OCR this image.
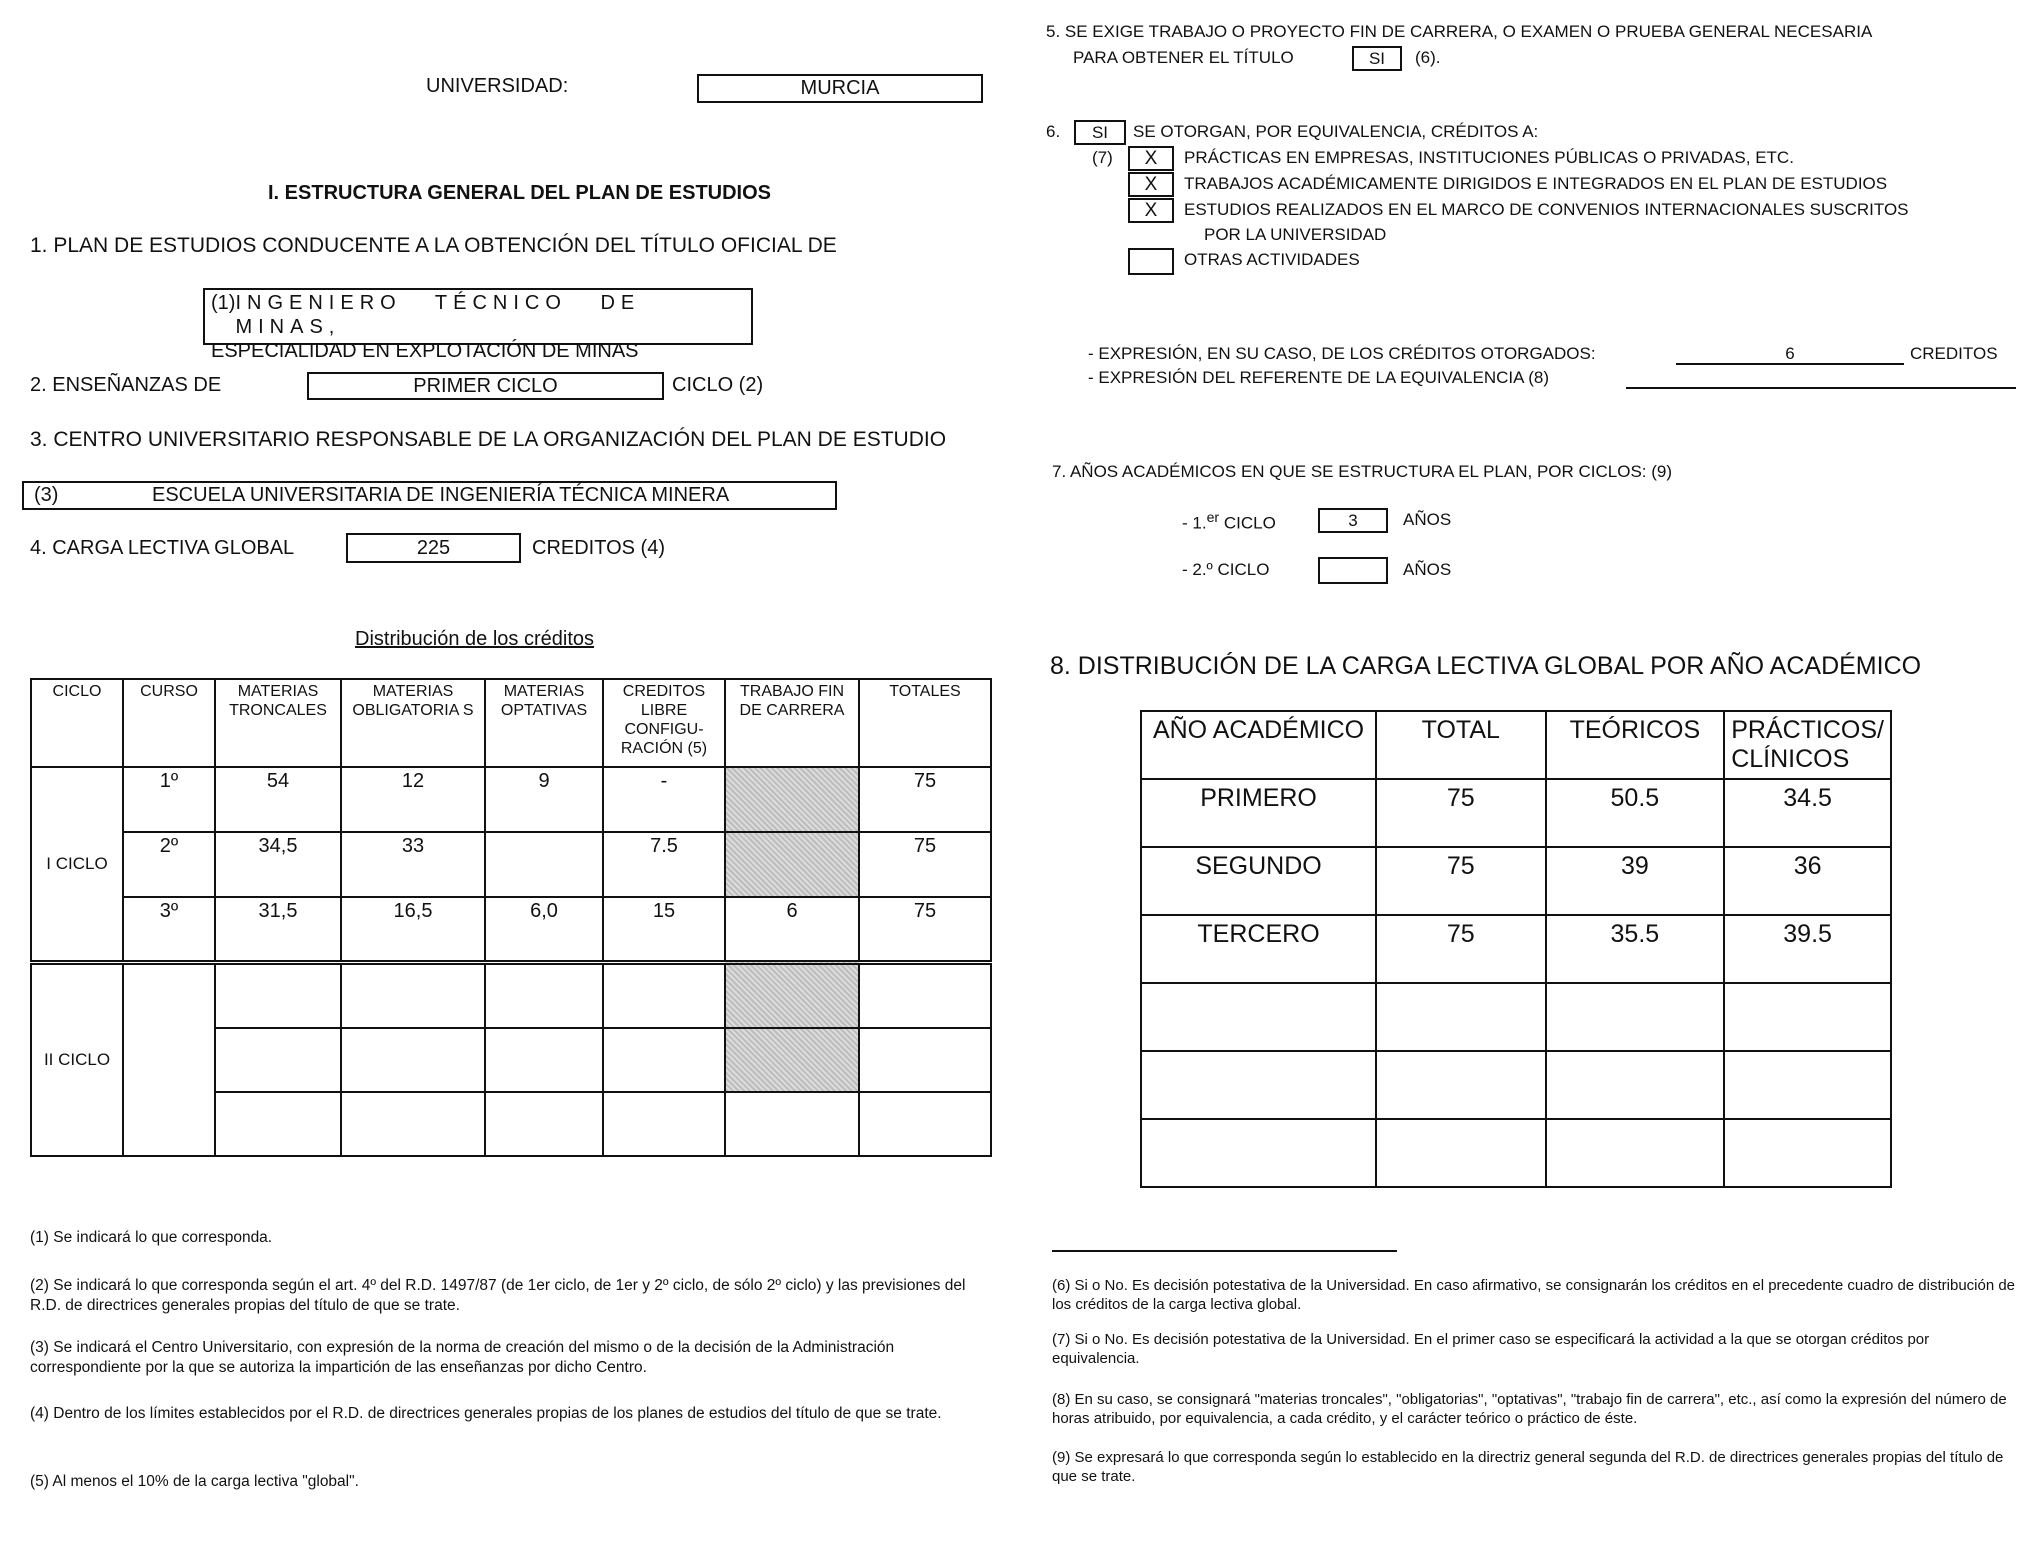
UNIVERSIDAD:	MURCIA
I. ESTRUCTURA GENERAL DEL PLAN DE ESTUDIOS
1. PLAN DE ESTUDIOS CONDUCENTE A LA OBTENCIÓN DEL TÍTULO OFICIAL DE
(1) INGENIERO TÉCNICO DE MINAS,
ESPECIALIDAD EN EXPLOTACIÓN DE MINAS
2. ENSEÑANZAS DE	PRIMER CICLO	CICLO (2)
3. CENTRO UNIVERSITARIO RESPONSABLE DE LA ORGANIZACIÓN DEL PLAN DE ESTUDIO
(3)	ESCUELA UNIVERSITARIA DE INGENIERÍA TÉCNICA MINERA
4. CARGA LECTIVA GLOBAL	225	CREDITOS (4)
Distribución de los créditos
CICLO	CURSO	MATERIAS TRONCALES	MATERIAS OBLIGATORIA S	MATERIAS OPTATIVAS	CREDITOS LIBRE CONFIGU-RACIÓN (5)	TRABAJO FIN DE CARRERA	TOTALES
I CICLO	1º	54	12	9	-		75
	2º	34,5	33		7.5		75
	3º	31,5	16,5	6,0	15	6	75
II CICLO							

(1) Se indicará lo que corresponda.
(2) Se indicará lo que corresponda según el art. 4º del R.D. 1497/87 (de 1er ciclo, de 1er y 2º ciclo, de sólo 2º ciclo) y las previsiones del R.D. de directrices generales propias del título de que se trate.
(3) Se indicará el Centro Universitario, con expresión de la norma de creación del mismo o de la decisión de la Administración correspondiente por la que se autoriza la impartición de las enseñanzas por dicho Centro.
(4) Dentro de los límites establecidos por el R.D. de directrices generales propias de los planes de estudios del título de que se trate.
(5) Al menos el 10% de la carga lectiva "global".
5. SE EXIGE TRABAJO O PROYECTO FIN DE CARRERA, O EXAMEN O PRUEBA GENERAL NECESARIA
PARA OBTENER EL TÍTULO	SI	(6).
6.	SI	SE OTORGAN, POR EQUIVALENCIA, CRÉDITOS A:
(7)	X	PRÁCTICAS EN EMPRESAS, INSTITUCIONES PÚBLICAS O PRIVADAS, ETC.
X	TRABAJOS ACADÉMICAMENTE DIRIGIDOS E INTEGRADOS EN EL PLAN DE ESTUDIOS
X	ESTUDIOS REALIZADOS EN EL MARCO DE CONVENIOS INTERNACIONALES SUSCRITOS
POR LA UNIVERSIDAD
OTRAS ACTIVIDADES
- EXPRESIÓN, EN SU CASO, DE LOS CRÉDITOS OTORGADOS:	6	CREDITOS
- EXPRESIÓN DEL REFERENTE DE LA EQUIVALENCIA (8)
7. AÑOS ACADÉMICOS EN QUE SE ESTRUCTURA EL PLAN, POR CICLOS: (9)
- 1.$^{er}$ CICLO	3	AÑOS
- 2.º CICLO	AÑOS
8. DISTRIBUCIÓN DE LA CARGA LECTIVA GLOBAL POR AÑO ACADÉMICO
AÑO ACADÉMICO	TOTAL	TEÓRICOS	PRÁCTICOS/ CLÍNICOS
PRIMERO	75	50.5	34.5
SEGUNDO	75	39	36
TERCERO	75	35.5	39.5

(6) Si o No. Es decisión potestativa de la Universidad. En caso afirmativo, se consignarán los créditos en el precedente cuadro de distribución de los créditos de la carga lectiva global.
(7) Si o No. Es decisión potestativa de la Universidad. En el primer caso se especificará la actividad a la que se otorgan créditos por equivalencia.
(8) En su caso, se consignará "materias troncales", "obligatorias", "optativas", "trabajo fin de carrera", etc., así como la expresión del número de horas atribuido, por equivalencia, a cada crédito, y el carácter teórico o práctico de éste.
(9) Se expresará lo que corresponda según lo establecido en la directriz general segunda del R.D. de directrices generales propias del título de que se trate.
